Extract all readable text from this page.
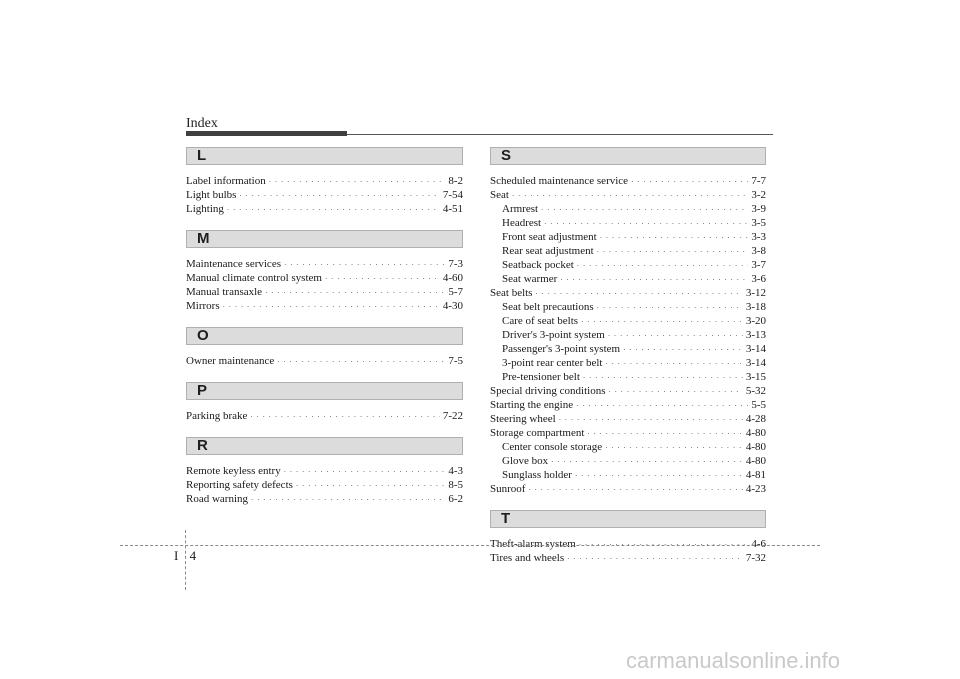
Index
L
Label information · · ·	8-2
Light bulbs · · ·	7-54
Lighting · · ·	4-51
M
Maintenance services · · ·	7-3
Manual climate control system · · ·	4-60
Manual transaxle · · ·	5-7
Mirrors · · ·	4-30
O
Owner maintenance · · ·	7-5
P
Parking brake · · ·	7-22
R
Remote keyless entry · · ·	4-3
Reporting safety defects · · ·	8-5
Road warning · · ·	6-2
S
Scheduled maintenance service · · ·	7-7
Seat · · ·	3-2
Armrest · · ·	3-9
Headrest · · ·	3-5
Front seat adjustment · · ·	3-3
Rear seat adjustment · · ·	3-8
Seatback pocket · · ·	3-7
Seat warmer · · ·	3-6
Seat belts · · ·	3-12
Seat belt precautions · · ·	3-18
Care of seat belts · · ·	3-20
Driver's 3-point system · · ·	3-13
Passenger's 3-point system · · ·	3-14
3-point rear center belt · · ·	3-14
Pre-tensioner belt · · ·	3-15
Special driving conditions · · ·	5-32
Starting the engine · · ·	5-5
Steering wheel · · ·	4-28
Storage compartment · · ·	4-80
Center console storage · · ·	4-80
Glove box · · ·	4-80
Sunglass holder · · ·	4-81
Sunroof · · ·	4-23
T
Theft-alarm system · · ·	4-6
Tires and wheels · · ·	7-32
I 4
carmanualsonline.info
